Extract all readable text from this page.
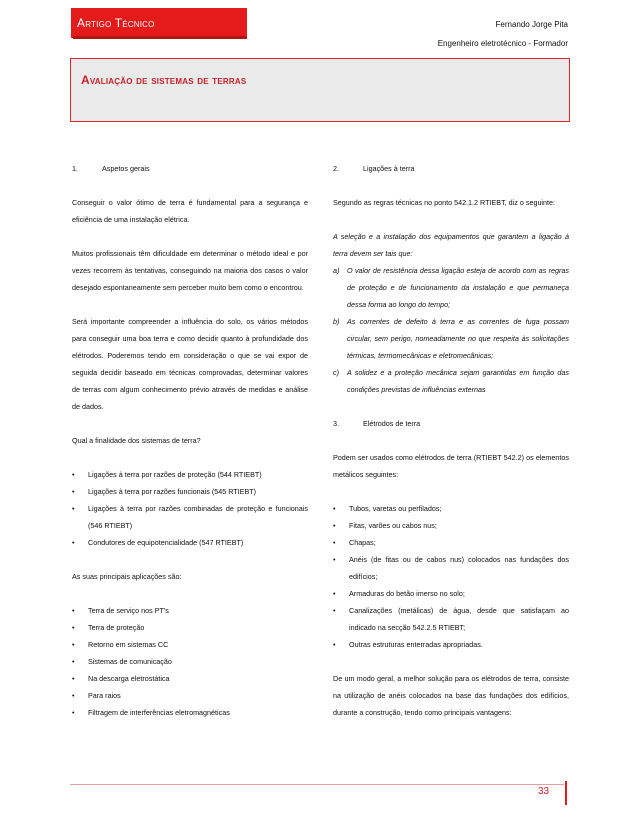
Artigo Técnico	Fernando Jorge Pita
Engenheiro eletrotécnico - Formador
Avaliação de sistemas de terras
1.	Aspetos gerais

Conseguir o valor ótimo de terra é fundamental para a segurança e eficiência de uma instalação elétrica.

Muitos profissionais têm dificuldade em determinar o método ideal e por vezes recorrem às tentativas, conseguindo na maioria dos casos o valor desejado espontaneamente sem perceber muito bem como o encontrou.

Será importante compreender a influência do solo, os vários métodos para conseguir uma boa terra e como decidir quanto à profundidade dos elétrodos. Poderemos tendo em consideração o que se vai expor de seguida decidir baseado em técnicas comprovadas, determinar valores de terras com algum conhecimento prévio através de medidas e análise de dados.

Qual a finalidade dos sistemas de terra?

• Ligações à terra por razões de proteção (544 RTIEBT)
• Ligações à terra por razões funcionais (545 RTIEBT)
• Ligações à terra por razões combinadas de proteção e funcionais (546 RTIEBT)
• Condutores de equipotencialidade (547 RTIEBT)

As suas principais aplicações são:

• Terra de serviço nos PT's
• Terra de proteção
• Retorno em sistemas CC
• Sistemas de comunicação
• Na descarga eletrostática
• Para raios
• Filtragem de interferências eletromagnéticas
2.	Ligações à terra

Segundo as regras técnicas no ponto 542.1.2 RTIEBT, diz o seguinte:

A seleção e a instalação dos equipamentos que garantem a ligação à terra devem ser tais que:

a) O valor de resistência dessa ligação esteja de acordo com as regras de proteção e de funcionamento da instalação e que permaneça dessa forma ao longo do tempo;
b) As correntes de defeito à terra e as correntes de fuga possam circular, sem perigo, nomeadamente no que respeita às solicitações térmicas, termomecânicas e eletromecânicas;
c) A solidez e a proteção mecânica sejam garantidas em função das condições previstas de influências externas
3.	Elétrodos de terra

Podem ser usados como elétrodos de terra (RTIEBT 542.2) os elementos metálicos seguintes:

• Tubos, varetas ou perfilados;
• Fitas, varões ou cabos nus;
• Chapas;
• Anéis (de fitas ou de cabos nus) colocados nas fundações dos edifícios;
• Armaduras do betão imerso no solo;
• Canalizações (metálicas) de água, desde que satisfaçam ao indicado na secção 542.2.5 RTIEBT;
• Outras estruturas enterradas apropriadas.

De um modo geral, a melhor solução para os elétrodos de terra, consiste na utilização de anéis colocados na base das fundações dos edifícios, durante a construção, tendo como principais vantagens:

33
